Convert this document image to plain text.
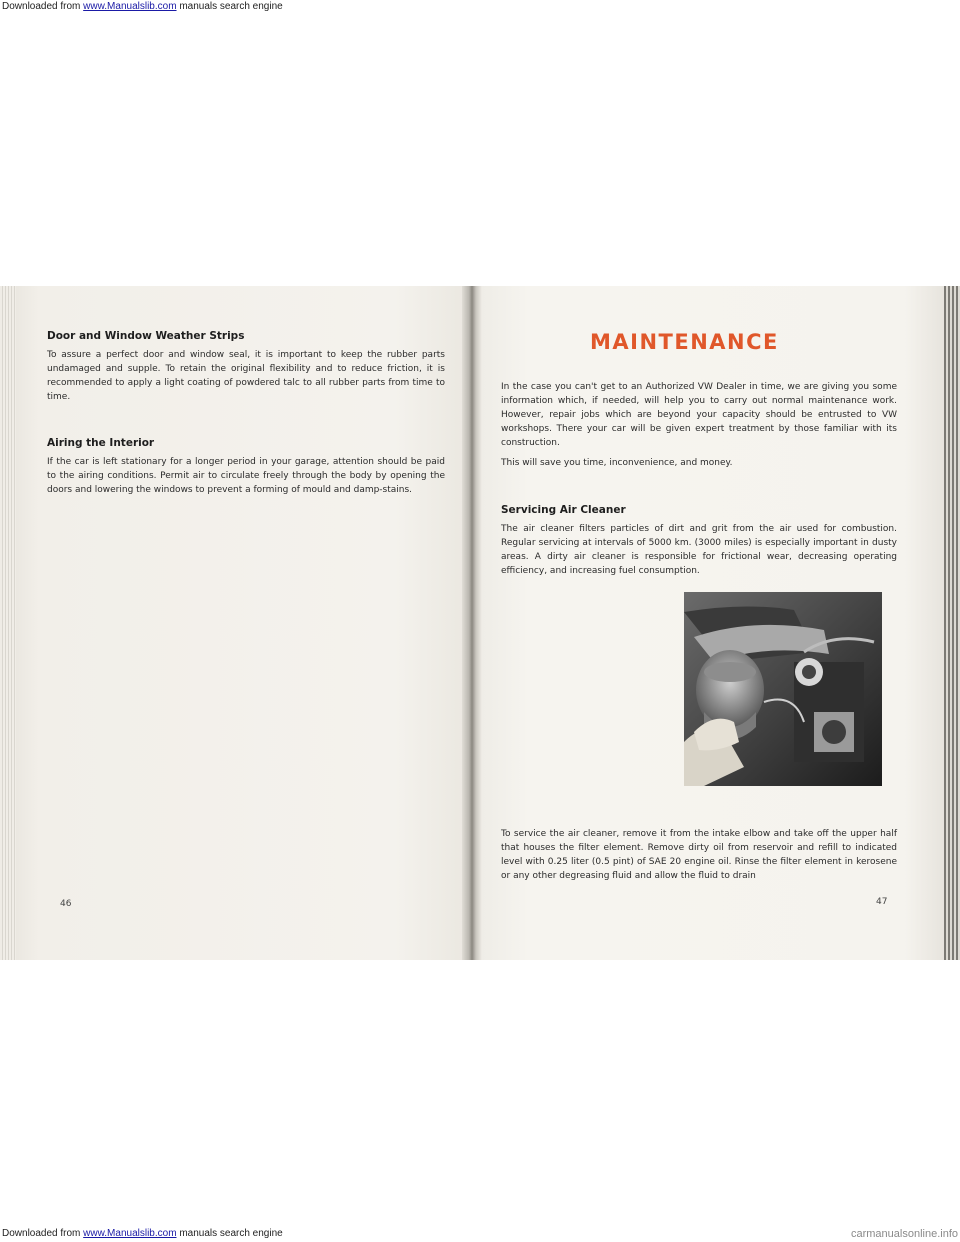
Downloaded from www.Manualslib.com manuals search engine
Door and Window Weather Strips

To assure a perfect door and window seal, it is important to keep the rubber parts undamaged and supple. To retain the original flexibility and to reduce friction, it is recommended to apply a light coating of powdered talc to all rubber parts from time to time.

Airing the Interior

If the car is left stationary for a longer period in your garage, attention should be paid to the airing conditions. Permit air to circulate freely through the body by opening the doors and lowering the windows to prevent a forming of mould and damp-stains.

46
MAINTENANCE

In the case you can't get to an Authorized VW Dealer in time, we are giving you some information which, if needed, will help you to carry out normal maintenance work. However, repair jobs which are beyond your capacity should be entrusted to VW workshops. There your car will be given expert treatment by those familiar with its construction.

This will save you time, inconvenience, and money.

Servicing Air Cleaner

The air cleaner filters particles of dirt and grit from the air used for combustion. Regular servicing at intervals of 5000 km. (3000 miles) is especially important in dusty areas. A dirty air cleaner is responsible for frictional wear, decreasing operating efficiency, and increasing fuel consumption.

To service the air cleaner, remove it from the intake elbow and take off the upper half that houses the filter element. Remove dirty oil from reservoir and refill to indicated level with 0.25 liter (0.5 pint) of SAE 20 engine oil. Rinse the filter element in kerosene or any other degreasing fluid and allow the fluid to drain

47
Downloaded from www.Manualslib.com manuals search engine	carmanualsonline.info
